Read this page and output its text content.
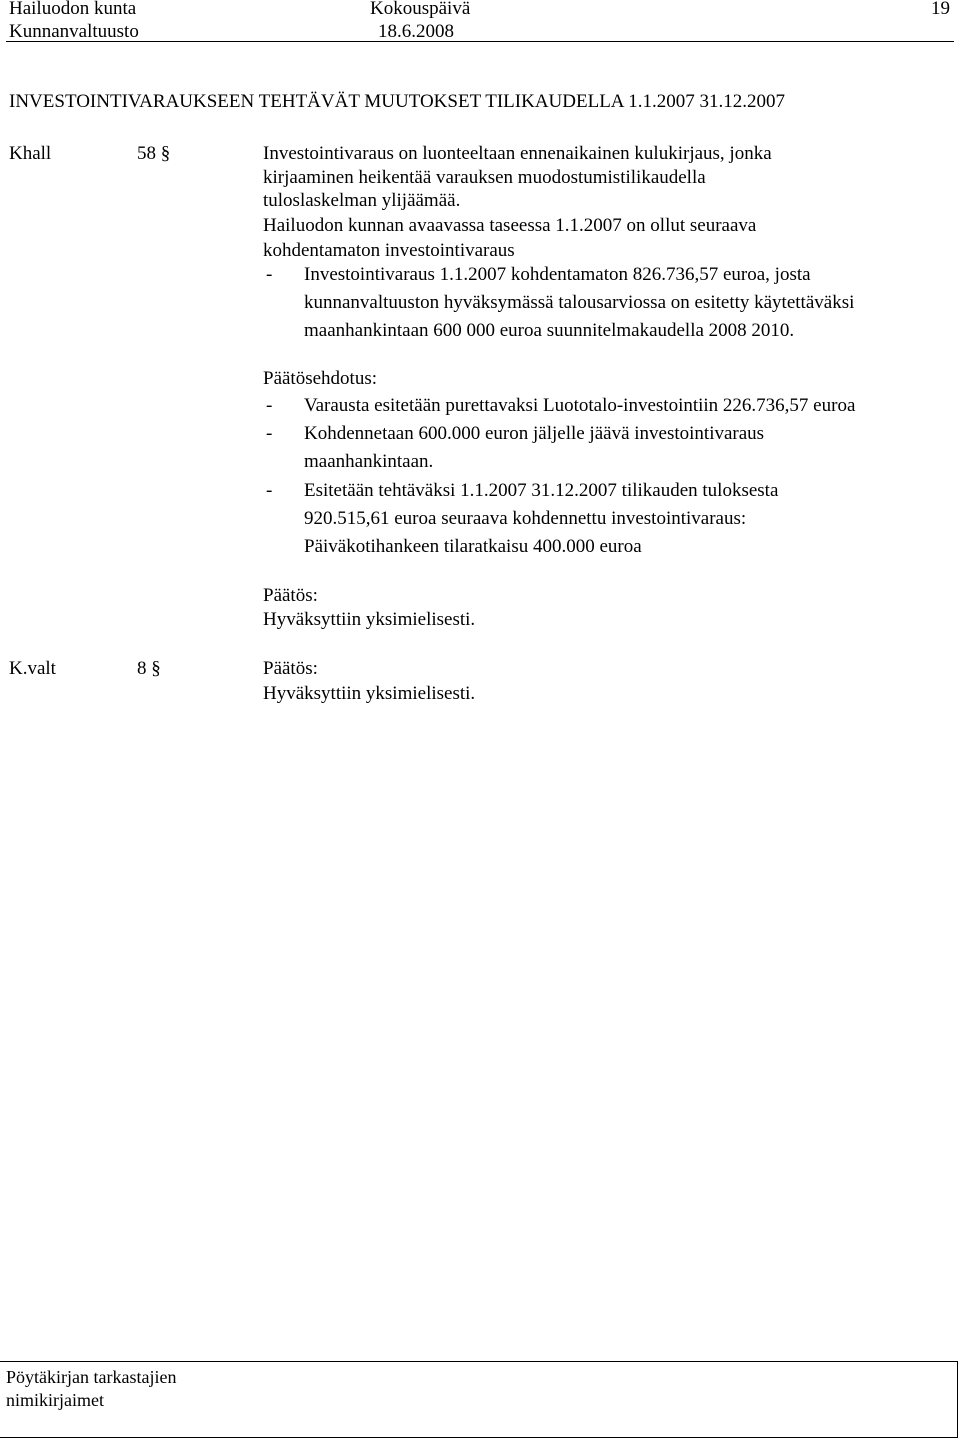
Hailuodon kunta
Kunnanvaltuusto
Kokouspäivä
18.6.2008
19
INVESTOINTIVARAUKSEEN TEHTÄVÄT MUUTOKSET TILIKAUDELLA 1.1.2007 31.12.2007
Khall	58 §	Investointivaraus on luonteeltaan ennenaikainen kulukirjaus, jonka
kirjaaminen heikentää varauksen muodostumistilikaudella
tuloslaskelman ylijäämää.
Hailuodon kunnan avaavassa taseessa 1.1.2007 on ollut seuraava
kohdentamaton investointivaraus
- Investointivaraus 1.1.2007 kohdentamaton 826.736,57 euroa, josta
kunnanvaltuuston hyväksymässä talousarviossa on esitetty käytettäväksi
maanhankintaan 600 000 euroa suunnitelmakaudella 2008 2010.
Päätösehdotus:
- Varausta esitetään purettavaksi Luototalo-investointiin 226.736,57 euroa
- Kohdennetaan 600.000 euron jäljelle jäävä investointivaraus
maanhankintaan.
- Esitetään tehtäväksi 1.1.2007 31.12.2007 tilikauden tuloksesta
920.515,61 euroa seuraava kohdennettu investointivaraus:
Päiväkotihankeen tilaratkaisu 400.000 euroa
Päätös:
Hyväksyttiin yksimielisesti.
K.valt	8 §	Päätös:
Hyväksyttiin yksimielisesti.
Pöytäkirjan tarkastajien
nimikirjaimet
